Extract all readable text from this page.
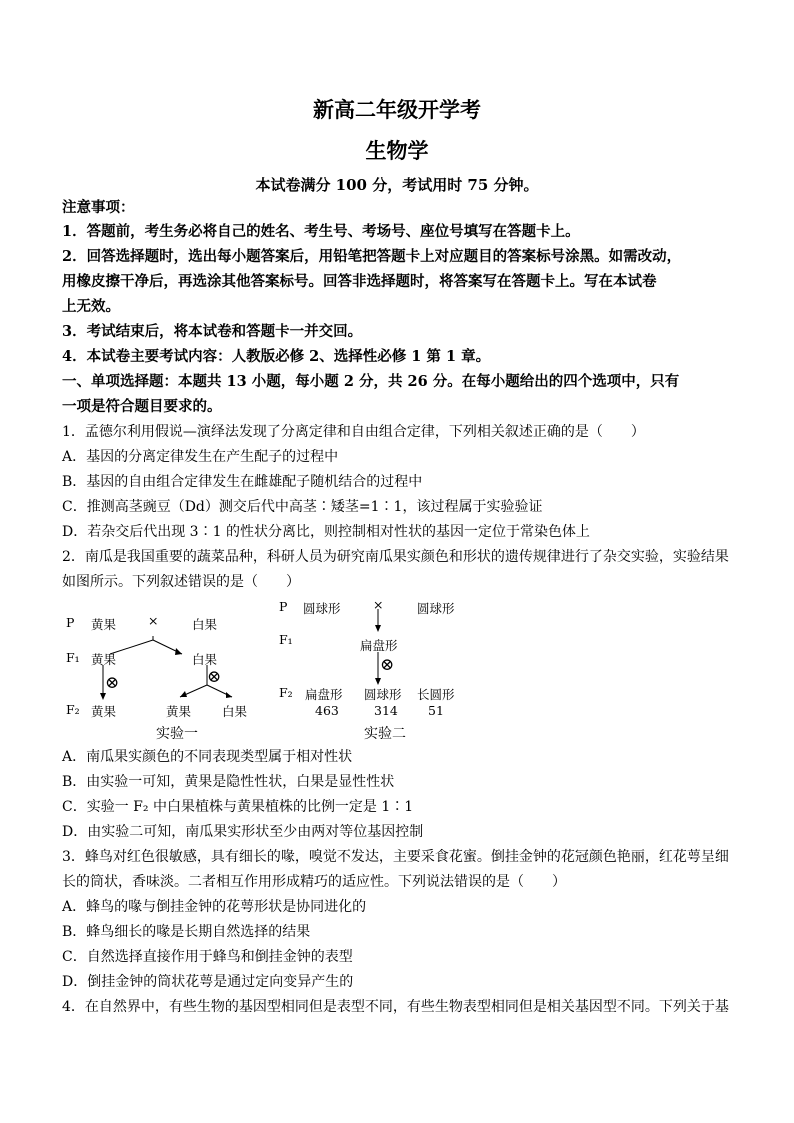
新高二年级开学考
生物学
本试卷满分 100 分，考试用时 75 分钟。
注意事项：
1．答题前，考生务必将自己的姓名、考生号、考场号、座位号填写在答题卡上。
2．回答选择题时，选出每小题答案后，用铅笔把答题卡上对应题目的答案标号涂黑。如需改动，
用橡皮擦干净后，再选涂其他答案标号。回答非选择题时，将答案写在答题卡上。写在本试卷
上无效。
3．考试结束后，将本试卷和答题卡一并交回。
4．本试卷主要考试内容：人教版必修 2、选择性必修 1 第 1 章。
一、单项选择题：本题共 13 小题，每小题 2 分，共 26 分。在每小题给出的四个选项中，只有
一项是符合题目要求的。
1．孟德尔利用假说—演绎法发现了分离定律和自由组合定律，下列相关叙述正确的是（　　）
A．基因的分离定律发生在产生配子的过程中
B．基因的自由组合定律发生在雌雄配子随机结合的过程中
C．推测高茎豌豆（Dd）测交后代中高茎∶矮茎=1∶1，该过程属于实验验证
D．若杂交后代出现 3∶1 的性状分离比，则控制相对性状的基因一定位于常染色体上
2．南瓜是我国重要的蔬菜品种，科研人员为研究南瓜果实颜色和形状的遗传规律进行了杂交实验，实验结果
如图所示。下列叙述错误的是（　　）
P 黄果	×	白果
F₁ 黄果	白果
⊗	⊗
F₂ 黄果	黄果 白果
实验一
P 圆球形	×	圆球形
F₁	扁盘形
⊗
F₂ 扁盘形 圆球形 长圆形
463	314 51
实验二
A．南瓜果实颜色的不同表现类型属于相对性状
B．由实验一可知，黄果是隐性性状，白果是显性性状
C．实验一 F₂ 中白果植株与黄果植株的比例一定是 1∶1
D．由实验二可知，南瓜果实形状至少由两对等位基因控制
3．蜂鸟对红色很敏感，具有细长的喙，嗅觉不发达，主要采食花蜜。倒挂金钟的花冠颜色艳丽，红花萼呈细
长的筒状，香味淡。二者相互作用形成精巧的适应性。下列说法错误的是（　　）
A．蜂鸟的喙与倒挂金钟的花萼形状是协同进化的
B．蜂鸟细长的喙是长期自然选择的结果
C．自然选择直接作用于蜂鸟和倒挂金钟的表型
D．倒挂金钟的筒状花萼是通过定向变异产生的
4．在自然界中，有些生物的基因型相同但是表型不同，有些生物表型相同但是相关基因型不同。下列关于基
